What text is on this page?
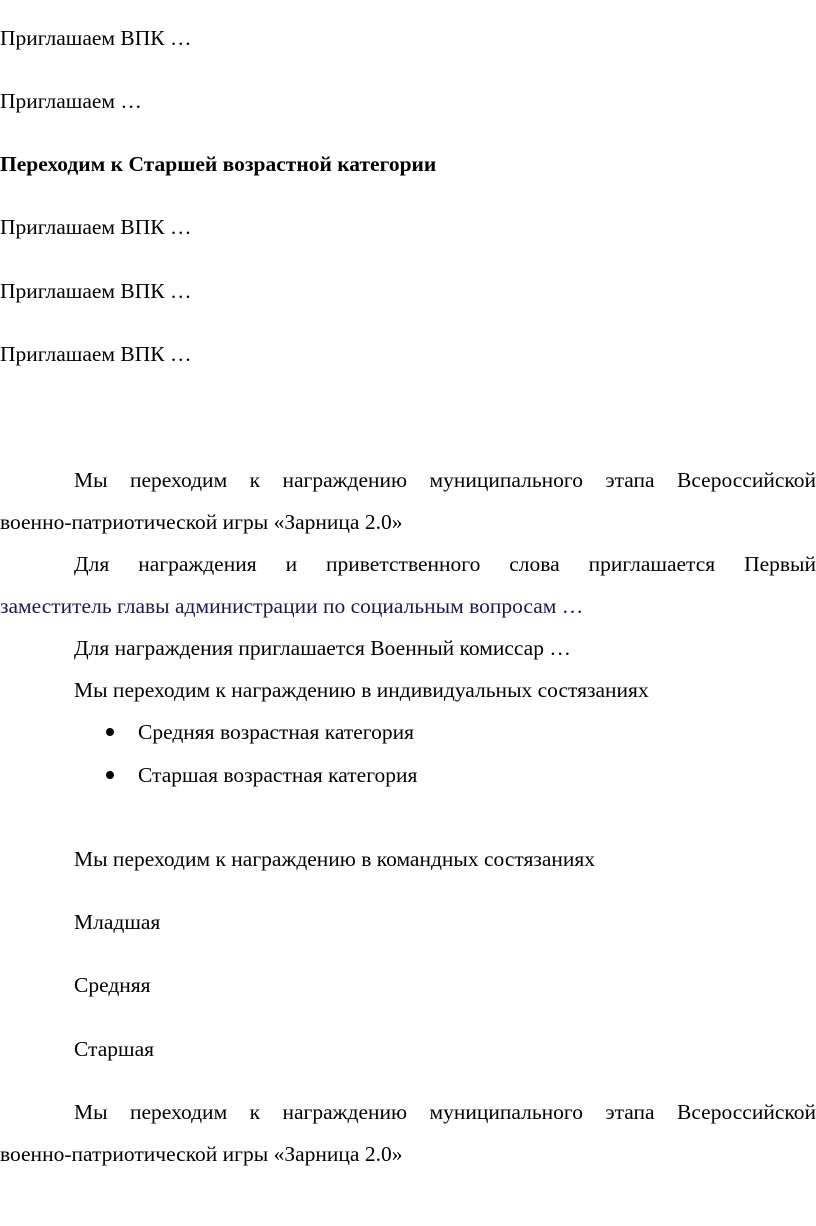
Приглашаем ВПК …

Приглашаем …

Переходим к Старшей возрастной категории

Приглашаем ВПК …

Приглашаем ВПК …

Приглашаем ВПК …

Мы переходим к награждению муниципального этапа Всероссийской
военно-патриотической игры «Зарница 2.0»
Для награждения и приветственного слова приглашается Первый
заместитель главы администрации по социальным вопросам …

Для награждения приглашается Военный комиссар …

Мы переходим к награждению в индивидуальных состязаниях

Средняя возрастная категория

Старшая возрастная категория

Мы переходим к награждению в командных состязаниях

Младшая

Средняя

Старшая

Мы переходим к награждению муниципального этапа Всероссийской
военно-патриотической игры «Зарница 2.0»
